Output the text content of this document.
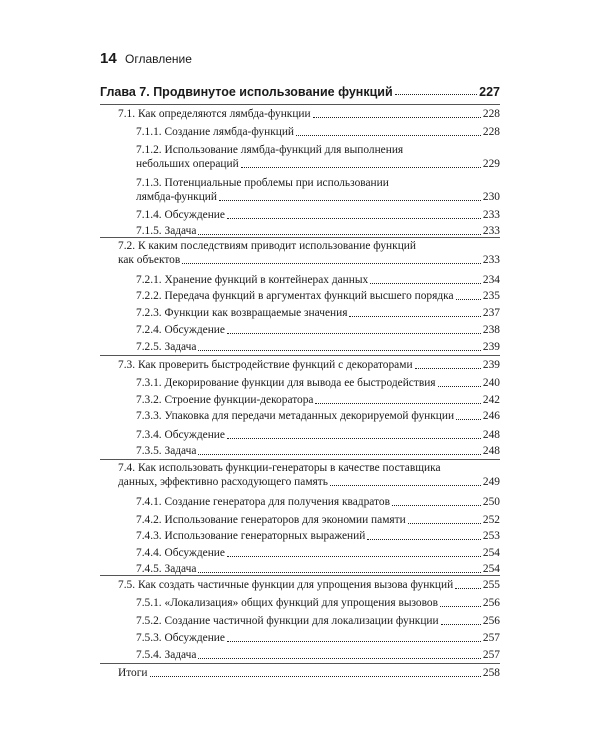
14 Оглавление
Глава 7. Продвинутое использование функций	227
7.1. Как определяются лямбда-функции	228
7.1.1. Создание лямбда-функций	228
7.1.2. Использование лямбда-функций для выполнения
небольших операций	229
7.1.3. Потенциальные проблемы при использовании
лямбда-функций	230
7.1.4. Обсуждение	233
7.1.5. Задача	233
7.2. К каким последствиям приводит использование функций
как объектов	233
7.2.1. Хранение функций в контейнерах данных	234
7.2.2. Передача функций в аргументах функций высшего порядка	235
7.2.3. Функции как возвращаемые значения	237
7.2.4. Обсуждение	238
7.2.5. Задача	239
7.3. Как проверить быстродействие функций с декораторами	239
7.3.1. Декорирование функции для вывода ее быстродействия	240
7.3.2. Строение функции-декоратора	242
7.3.3. Упаковка для передачи метаданных декорируемой функции	246
7.3.4. Обсуждение	248
7.3.5. Задача	248
7.4. Как использовать функции-генераторы в качестве поставщика
данных, эффективно расходующего память	249
7.4.1. Создание генератора для получения квадратов	250
7.4.2. Использование генераторов для экономии памяти	252
7.4.3. Использование генераторных выражений	253
7.4.4. Обсуждение	254
7.4.5. Задача	254
7.5. Как создать частичные функции для упрощения вызова функций	255
7.5.1. «Локализация» общих функций для упрощения вызовов	256
7.5.2. Создание частичной функции для локализации функции	256
7.5.3. Обсуждение	257
7.5.4. Задача	257
Итоги	258
